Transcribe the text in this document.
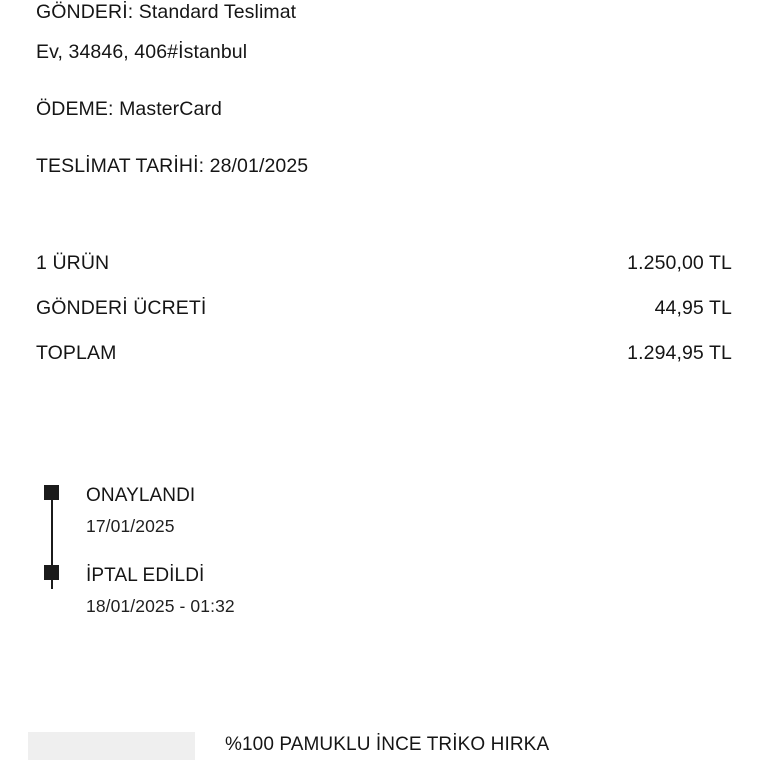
GÖNDERİ: Standard Teslimat
Ev, 34846, 406#İstanbul
ÖDEME: MasterCard
TESLİMAT TARİHİ: 28/01/2025
1 ÜRÜN	1.250,00 TL
GÖNDERİ ÜCRETİ	44,95 TL
TOPLAM	1.294,95 TL
ONAYLANDI
17/01/2025
İPTAL EDİLDİ
18/01/2025 - 01:32
%100 PAMUKLU İNCE TRİKO HIRKA
